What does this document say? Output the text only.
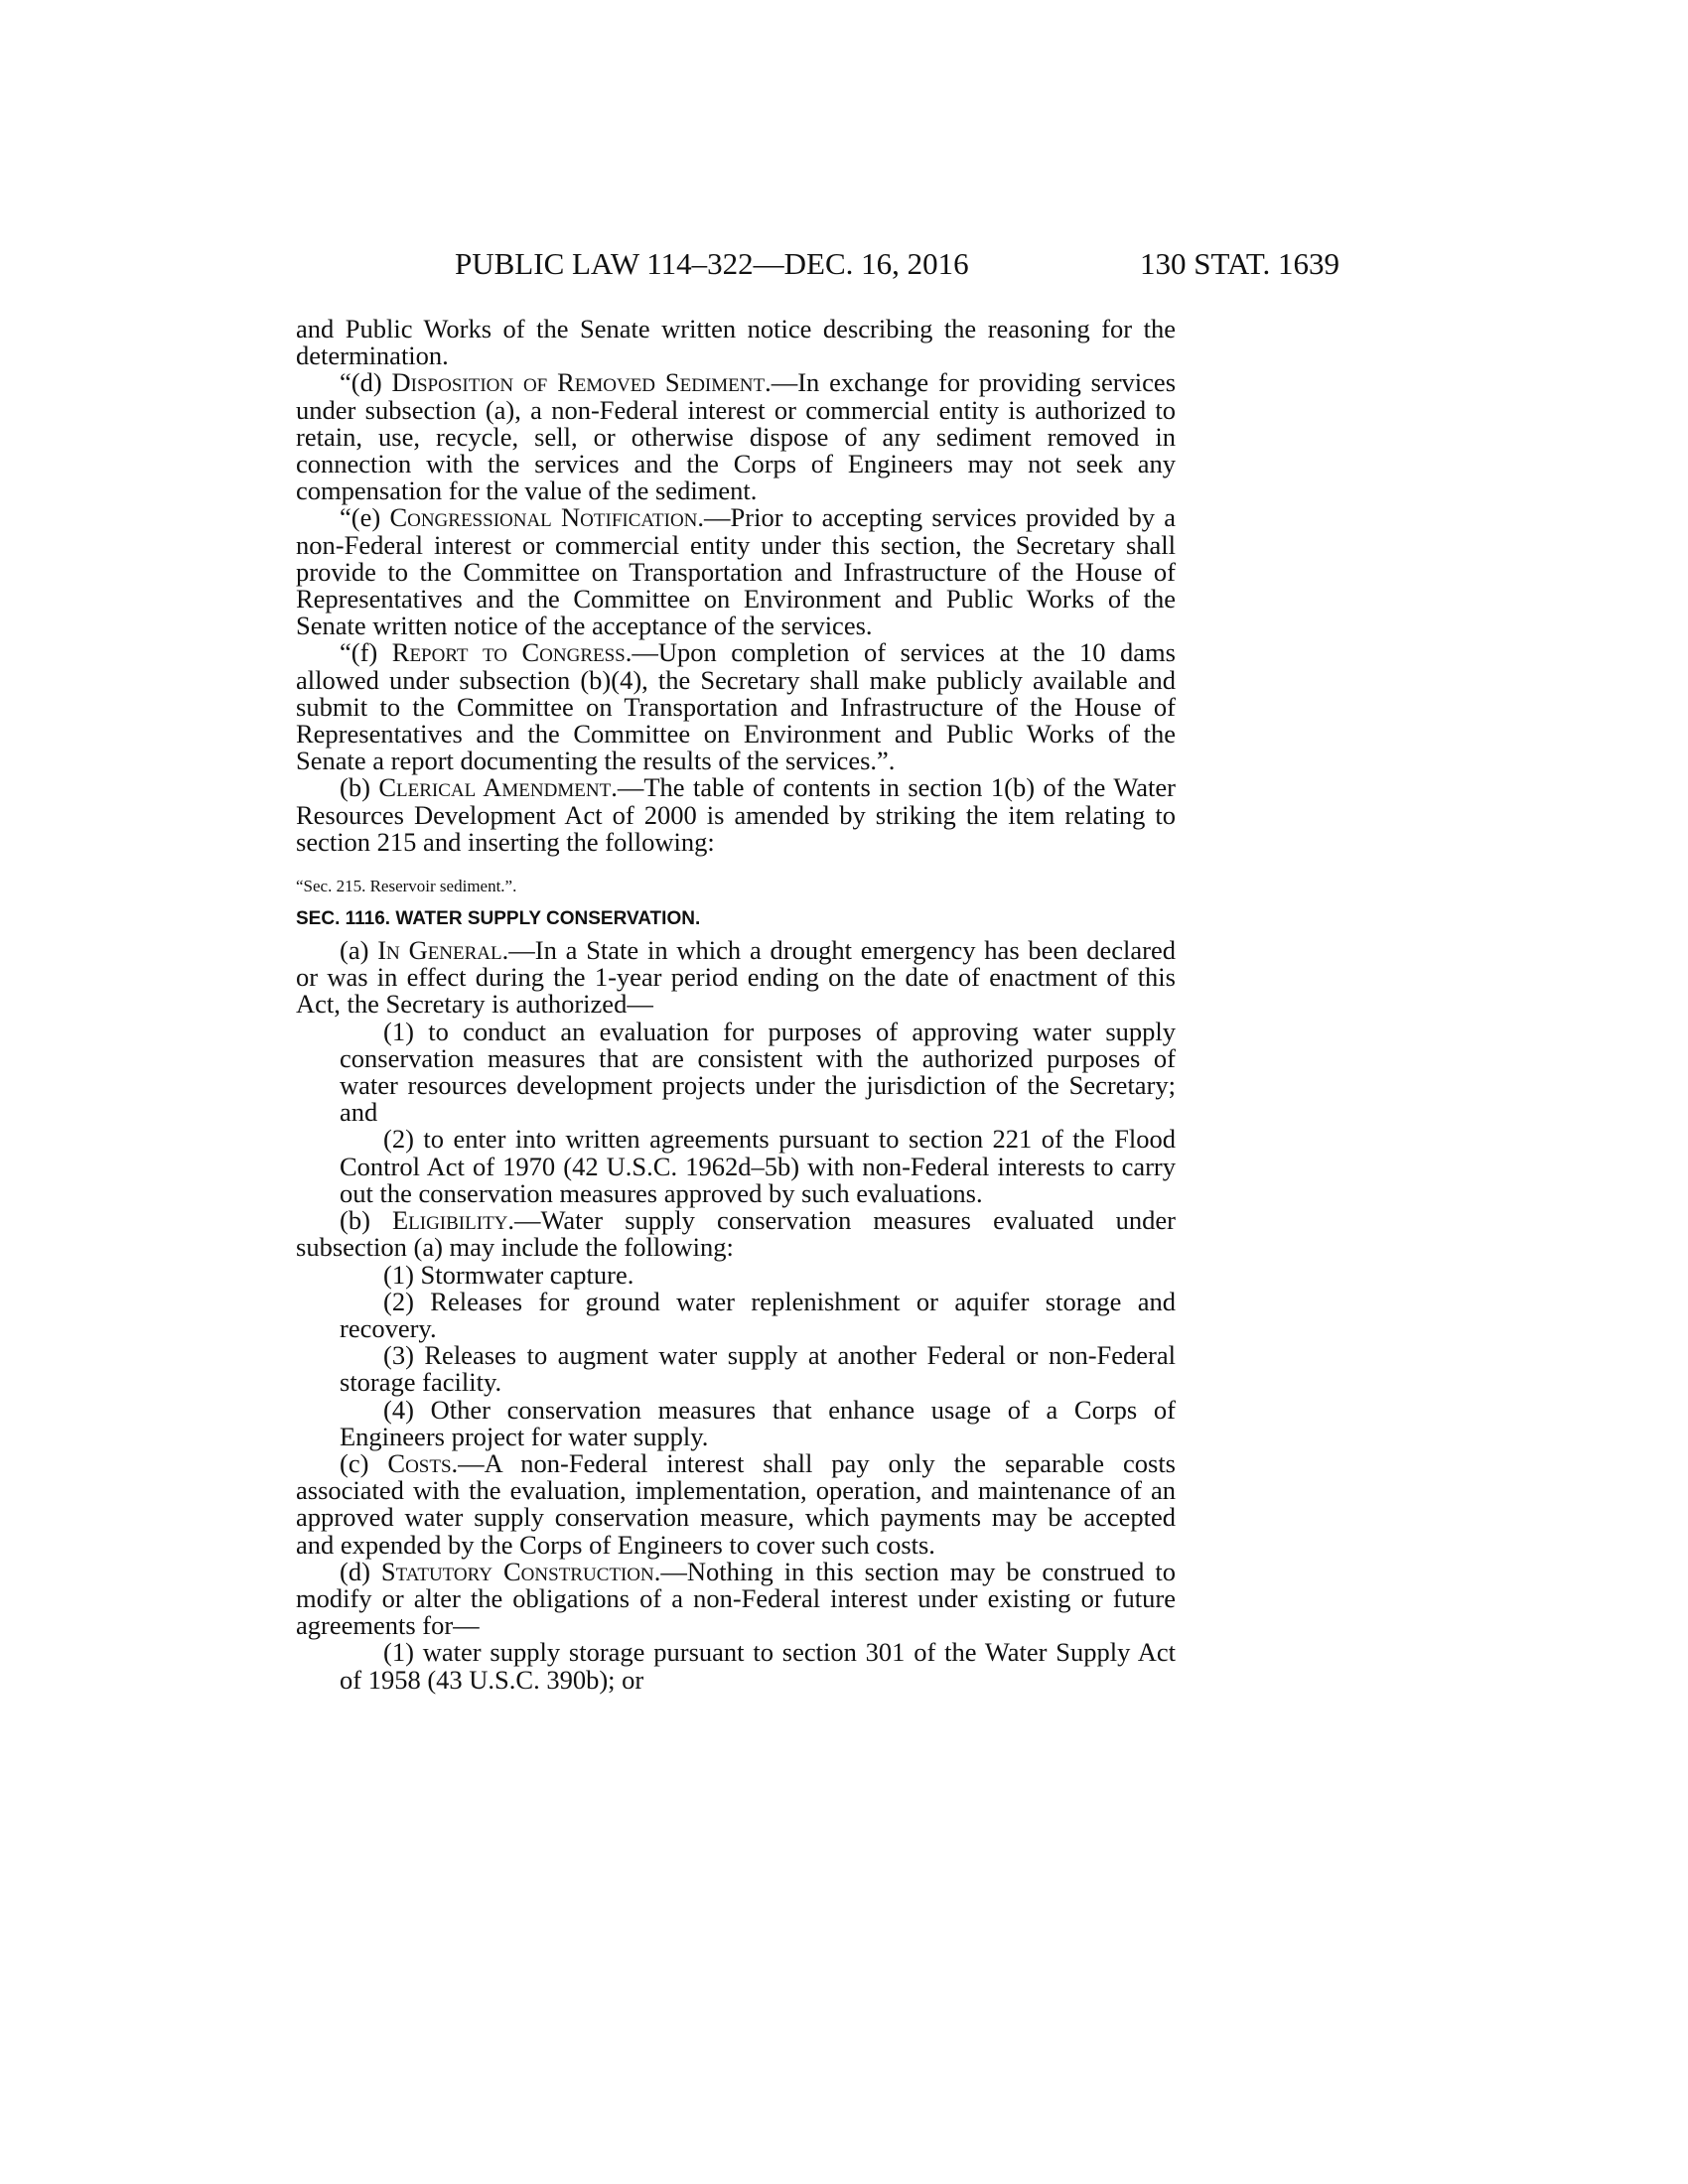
PUBLIC LAW 114–322—DEC. 16, 2016	130 STAT. 1639

and Public Works of the Senate written notice describing the reasoning for the determination.

“(d) Disposition of Removed Sediment.—In exchange for providing services under subsection (a), a non-Federal interest or commercial entity is authorized to retain, use, recycle, sell, or otherwise dispose of any sediment removed in connection with the services and the Corps of Engineers may not seek any compensation for the value of the sediment.

“(e) Congressional Notification.—Prior to accepting services provided by a non-Federal interest or commercial entity under this section, the Secretary shall provide to the Committee on Transportation and Infrastructure of the House of Representatives and the Committee on Environment and Public Works of the Senate written notice of the acceptance of the services.

“(f) Report to Congress.—Upon completion of services at the 10 dams allowed under subsection (b)(4), the Secretary shall make publicly available and submit to the Committee on Transportation and Infrastructure of the House of Representatives and the Committee on Environment and Public Works of the Senate a report documenting the results of the services.”.

(b) Clerical Amendment.—The table of contents in section 1(b) of the Water Resources Development Act of 2000 is amended by striking the item relating to section 215 and inserting the following:

“Sec. 215. Reservoir sediment.”.

SEC. 1116. WATER SUPPLY CONSERVATION.

(a) In General.—In a State in which a drought emergency has been declared or was in effect during the 1-year period ending on the date of enactment of this Act, the Secretary is authorized—

(1) to conduct an evaluation for purposes of approving water supply conservation measures that are consistent with the authorized purposes of water resources development projects under the jurisdiction of the Secretary; and

(2) to enter into written agreements pursuant to section 221 of the Flood Control Act of 1970 (42 U.S.C. 1962d–5b) with non-Federal interests to carry out the conservation measures approved by such evaluations.

(b) Eligibility.—Water supply conservation measures evaluated under subsection (a) may include the following:

(1) Stormwater capture.

(2) Releases for ground water replenishment or aquifer storage and recovery.

(3) Releases to augment water supply at another Federal or non-Federal storage facility.

(4) Other conservation measures that enhance usage of a Corps of Engineers project for water supply.

(c) Costs.—A non-Federal interest shall pay only the separable costs associated with the evaluation, implementation, operation, and maintenance of an approved water supply conservation measure, which payments may be accepted and expended by the Corps of Engineers to cover such costs.

(d) Statutory Construction.—Nothing in this section may be construed to modify or alter the obligations of a non-Federal interest under existing or future agreements for—

(1) water supply storage pursuant to section 301 of the Water Supply Act of 1958 (43 U.S.C. 390b); or
